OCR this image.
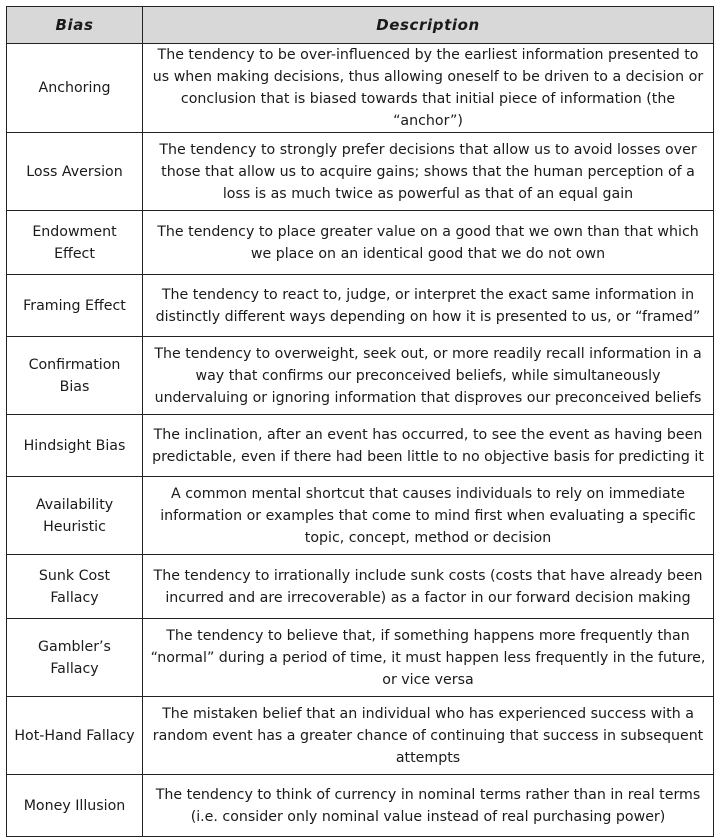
Bias	Description
Anchoring	The tendency to be over-influenced by the earliest information presented to us when making decisions, thus allowing oneself to be driven to a decision or conclusion that is biased towards that initial piece of information (the “anchor”)
Loss Aversion	The tendency to strongly prefer decisions that allow us to avoid losses over those that allow us to acquire gains; shows that the human perception of a loss is as much twice as powerful as that of an equal gain
Endowment Effect	The tendency to place greater value on a good that we own than that which we place on an identical good that we do not own
Framing Effect	The tendency to react to, judge, or interpret the exact same information in distinctly different ways depending on how it is presented to us, or “framed”
Confirmation Bias	The tendency to overweight, seek out, or more readily recall information in a way that confirms our preconceived beliefs, while simultaneously undervaluing or ignoring information that disproves our preconceived beliefs
Hindsight Bias	The inclination, after an event has occurred, to see the event as having been predictable, even if there had been little to no objective basis for predicting it
Availability Heuristic	A common mental shortcut that causes individuals to rely on immediate information or examples that come to mind first when evaluating a specific topic, concept, method or decision
Sunk Cost Fallacy	The tendency to irrationally include sunk costs (costs that have already been incurred and are irrecoverable) as a factor in our forward decision making
Gambler’s Fallacy	The tendency to believe that, if something happens more frequently than “normal” during a period of time, it must happen less frequently in the future, or vice versa
Hot-Hand Fallacy	The mistaken belief that an individual who has experienced success with a random event has a greater chance of continuing that success in subsequent attempts
Money Illusion	The tendency to think of currency in nominal terms rather than in real terms (i.e. consider only nominal value instead of real purchasing power)
